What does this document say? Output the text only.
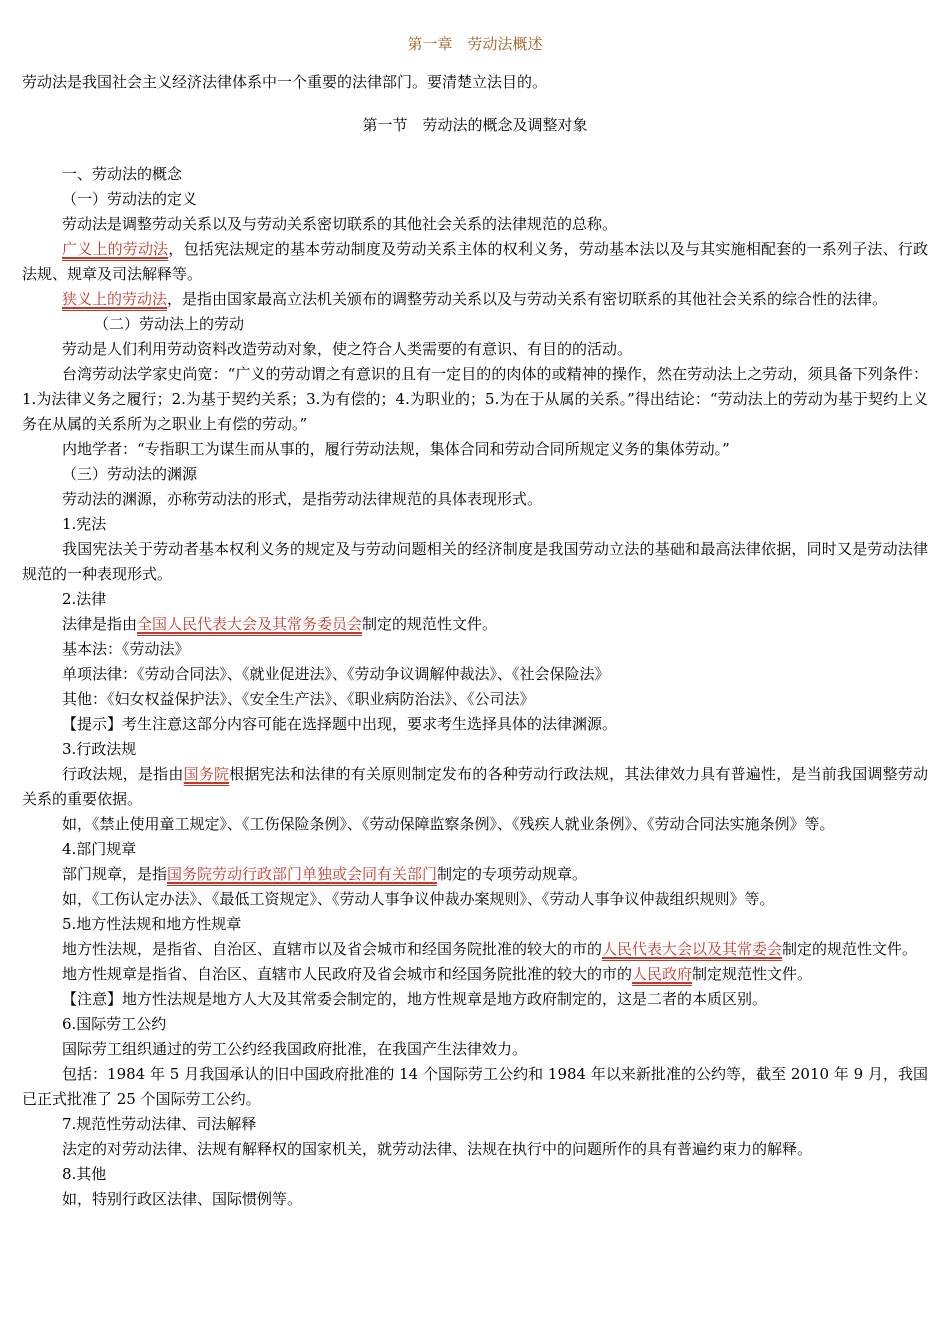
第一章　劳动法概述

劳动法是我国社会主义经济法律体系中一个重要的法律部门。要清楚立法目的。

第一节　劳动法的概念及调整对象

一、劳动法的概念

（一）劳动法的定义

劳动法是调整劳动关系以及与劳动关系密切联系的其他社会关系的法律规范的总称。

广义上的劳动法，包括宪法规定的基本劳动制度及劳动关系主体的权利义务，劳动基本法以及与其实施相配套的一系列子法、行政法规、规章及司法解释等。

狭义上的劳动法，是指由国家最高立法机关颁布的调整劳动关系以及与劳动关系有密切联系的其他社会关系的综合性的法律。

（二）劳动法上的劳动

劳动是人们利用劳动资料改造劳动对象，使之符合人类需要的有意识、有目的的活动。

台湾劳动法学家史尚宽：“广义的劳动谓之有意识的且有一定目的的肉体的或精神的操作，然在劳动法上之劳动，须具备下列条件：1.为法律义务之履行；2.为基于契约关系；3.为有偿的；4.为职业的；5.为在于从属的关系。”得出结论：“劳动法上的劳动为基于契约上义务在从属的关系所为之职业上有偿的劳动。”

内地学者：“专指职工为谋生而从事的，履行劳动法规，集体合同和劳动合同所规定义务的集体劳动。”

（三）劳动法的渊源

劳动法的渊源，亦称劳动法的形式，是指劳动法律规范的具体表现形式。

1.宪法

我国宪法关于劳动者基本权利义务的规定及与劳动问题相关的经济制度是我国劳动立法的基础和最高法律依据，同时又是劳动法律规范的一种表现形式。

2.法律

法律是指由全国人民代表大会及其常务委员会制定的规范性文件。

基本法：《劳动法》

单项法律：《劳动合同法》、《就业促进法》、《劳动争议调解仲裁法》、《社会保险法》

其他：《妇女权益保护法》、《安全生产法》、《职业病防治法》、《公司法》

【提示】考生注意这部分内容可能在选择题中出现，要求考生选择具体的法律渊源。

3.行政法规

行政法规，是指由国务院根据宪法和法律的有关原则制定发布的各种劳动行政法规，其法律效力具有普遍性，是当前我国调整劳动关系的重要依据。

如，《禁止使用童工规定》、《工伤保险条例》、《劳动保障监察条例》、《残疾人就业条例》、《劳动合同法实施条例》等。

4.部门规章

部门规章，是指国务院劳动行政部门单独或会同有关部门制定的专项劳动规章。

如，《工伤认定办法》、《最低工资规定》、《劳动人事争议仲裁办案规则》、《劳动人事争议仲裁组织规则》等。

5.地方性法规和地方性规章

地方性法规，是指省、自治区、直辖市以及省会城市和经国务院批准的较大的市的人民代表大会以及其常委会制定的规范性文件。

地方性规章是指省、自治区、直辖市人民政府及省会城市和经国务院批准的较大的市的人民政府制定规范性文件。

【注意】地方性法规是地方人大及其常委会制定的，地方性规章是地方政府制定的，这是二者的本质区别。

6.国际劳工公约

国际劳工组织通过的劳工公约经我国政府批准，在我国产生法律效力。

包括：1984 年 5 月我国承认的旧中国政府批准的 14 个国际劳工公约和 1984 年以来新批准的公约等，截至 2010 年 9 月，我国已正式批准了 25 个国际劳工公约。

7.规范性劳动法律、司法解释

法定的对劳动法律、法规有解释权的国家机关，就劳动法律、法规在执行中的问题所作的具有普遍约束力的解释。

8.其他

如，特别行政区法律、国际惯例等。
